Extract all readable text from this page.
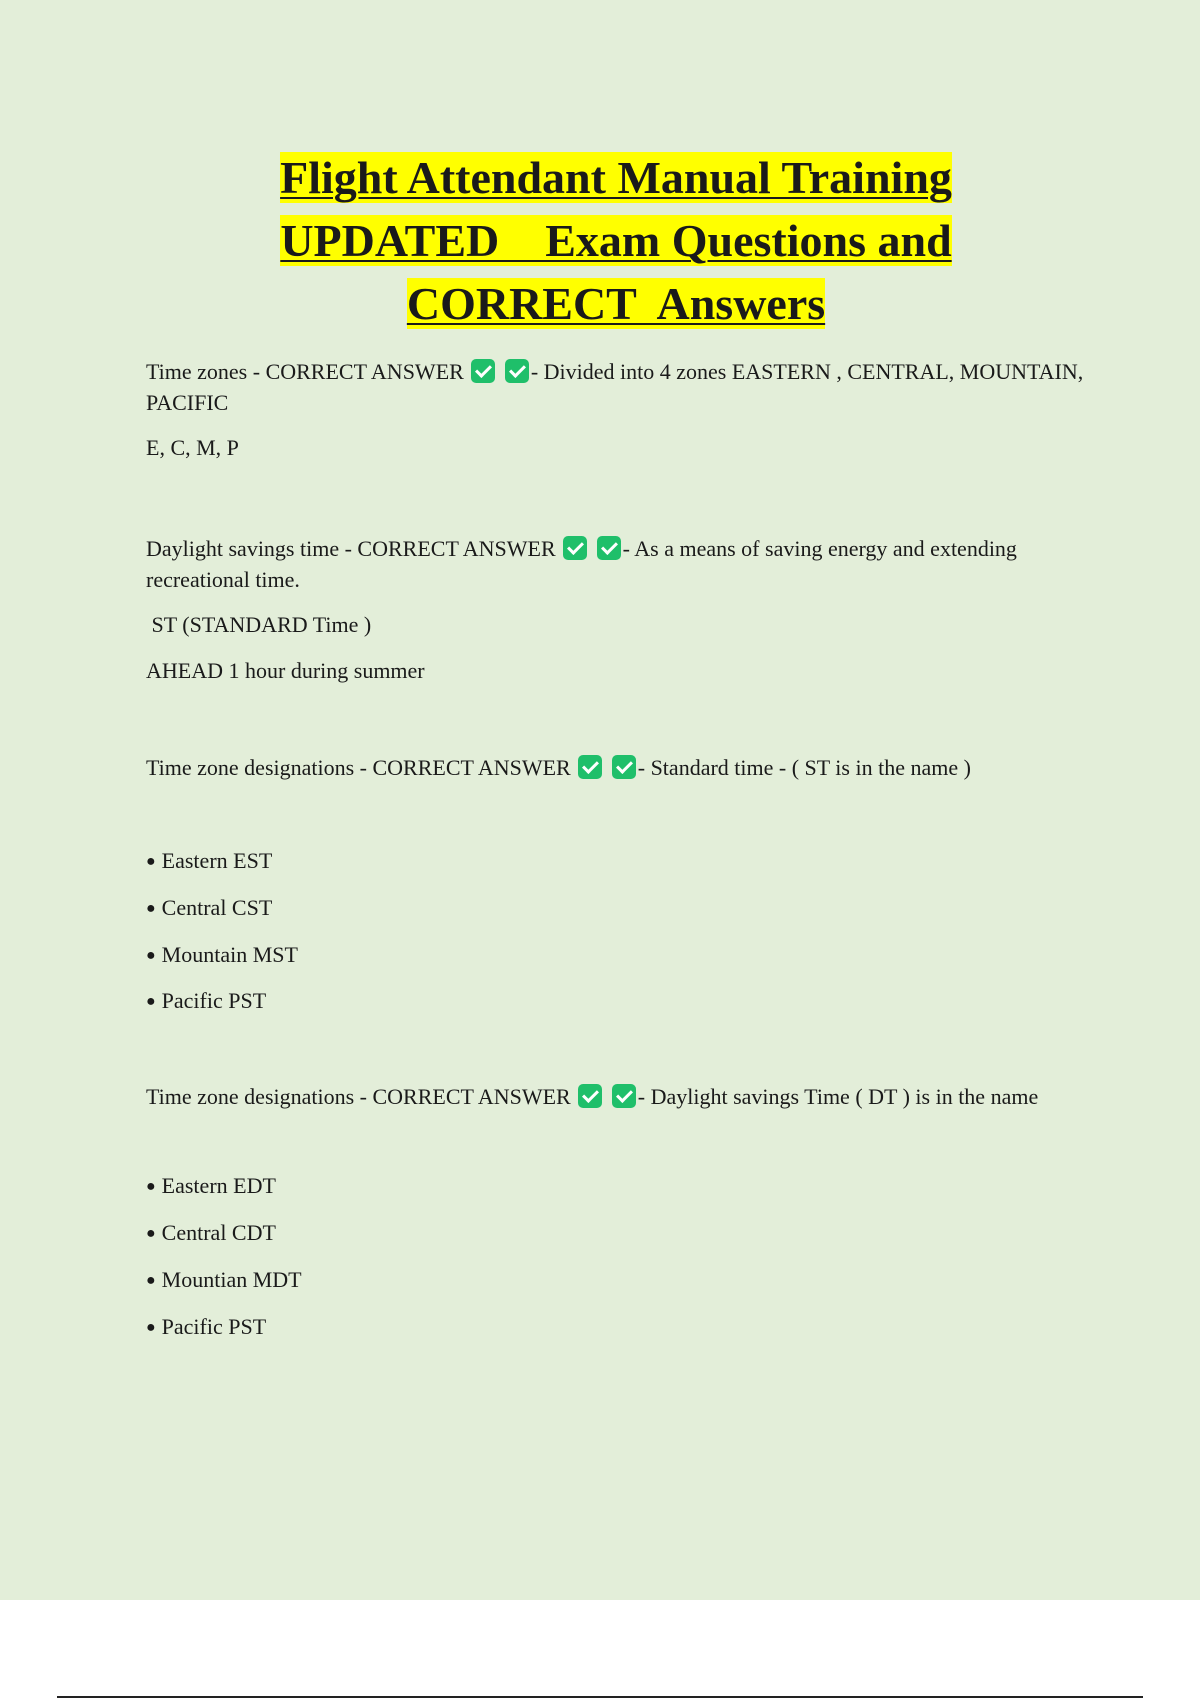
Flight Attendant Manual Training
UPDATED    Exam Questions and
CORRECT  Answers

Time zones - CORRECT ANSWER	- Divided into 4 zones EASTERN , CENTRAL, MOUNTAIN, PACIFIC

E, C, M, P

Daylight savings time - CORRECT ANSWER	- As a means of saving energy and extending recreational time.

ST (STANDARD Time )

AHEAD 1 hour during summer

Time zone designations - CORRECT ANSWER	- Standard time - ( ST is in the name )

● Eastern EST

● Central CST

● Mountain MST

● Pacific PST

Time zone designations - CORRECT ANSWER	- Daylight savings Time ( DT ) is in the name

● Eastern EDT

● Central CDT

● Mountian MDT

● Pacific PST
